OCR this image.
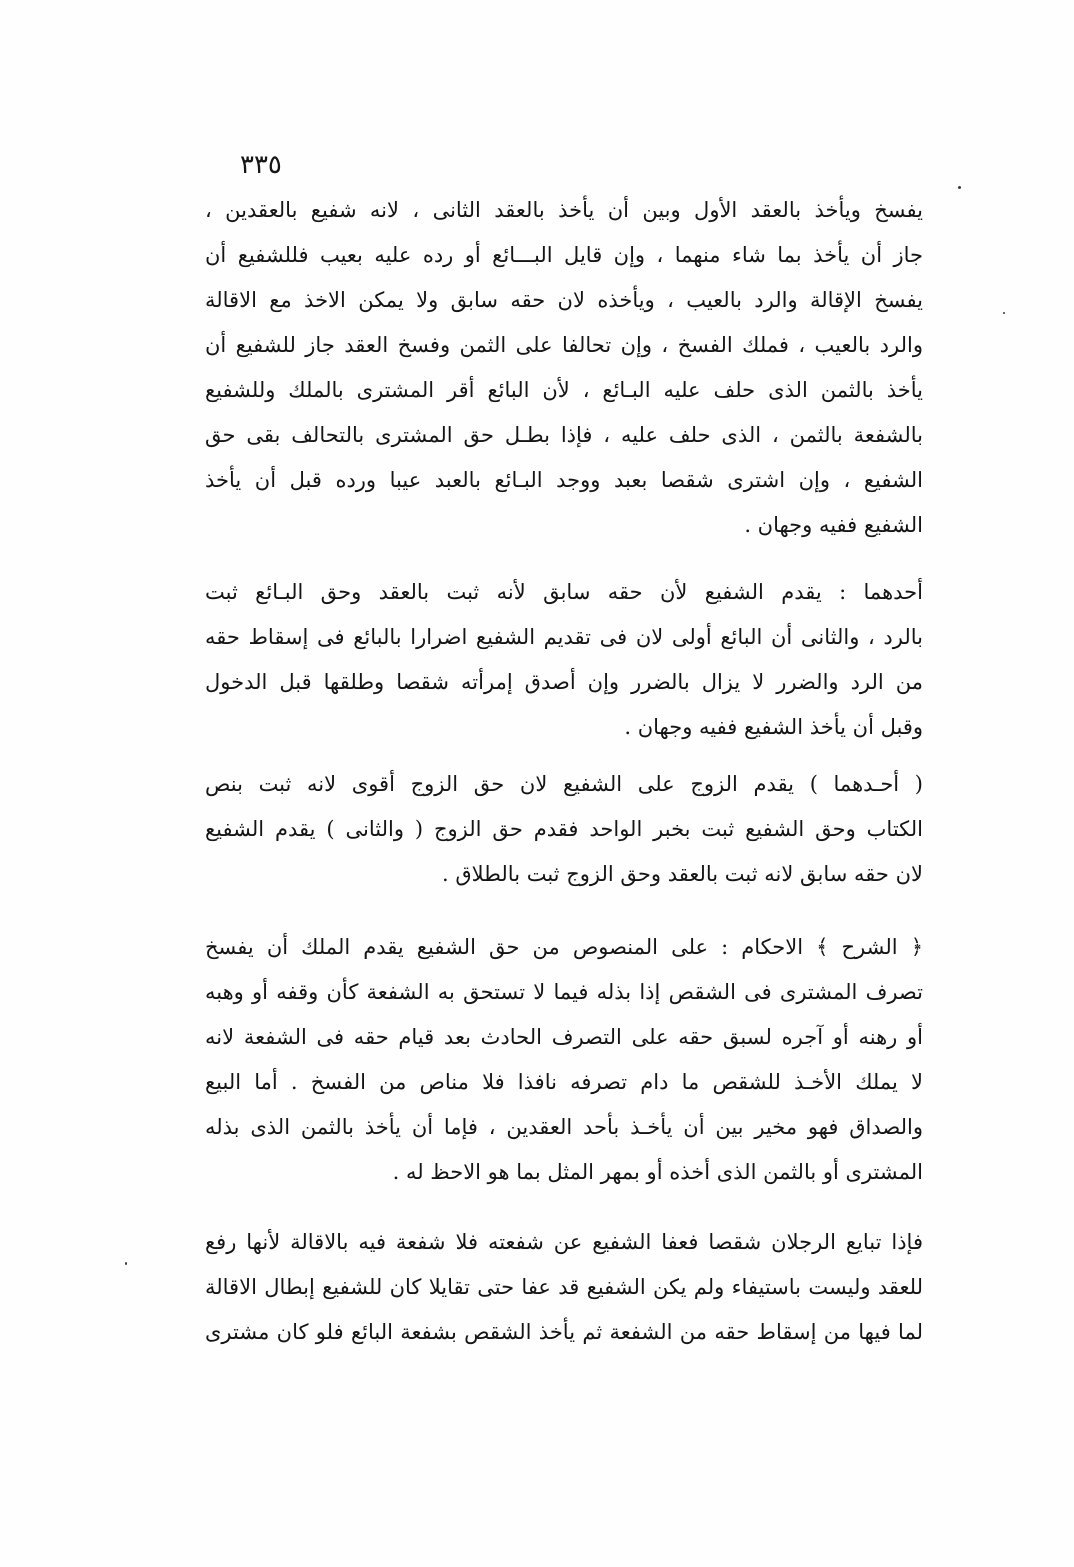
٣٣٥
يفسخ ويأخذ بالعقد الأول وبين أن يأخذ بالعقد الثانى ، لانه شفيع بالعقدين ،
جاز أن يأخذ بما شاء منهما ، وإن قايل البـــائع أو رده عليه بعيب فللشفيع أن
يفسخ الإقالة والرد بالعيب ، ويأخذه لان حقه سابق ولا يمكن الاخذ مع الاقالة
والرد بالعيب ، فملك الفسخ ، وإن تحالفا على الثمن وفسخ العقد جاز للشفيع أن
يأخذ بالثمن الذى حلف عليه البـائع ، لأن البائع أقر المشترى بالملك وللشفيع
بالشفعة بالثمن ، الذى حلف عليه ، فإذا بطـل حق المشترى بالتحالف بقى حق
الشفيع ، وإن اشترى شقصا بعبد ووجد البـائع بالعبد عيبا ورده قبل أن يأخذ
الشفيع ففيه وجهان .
أحدهما : يقدم الشفيع لأن حقه سابق لأنه ثبت بالعقد وحق البـائع ثبت
بالرد ، والثانى أن البائع أولى لان فى تقديم الشفيع اضرارا بالبائع فى إسقاط حقه
من الرد والضرر لا يزال بالضرر وإن أصدق إمرأته شقصا وطلقها قبل الدخول
وقبل أن يأخذ الشفيع ففيه وجهان .
( أحـدهما ) يقدم الزوج على الشفيع لان حق الزوج أقوى لانه ثبت بنص
الكتاب وحق الشفيع ثبت بخبر الواحد فقدم حق الزوج ( والثانى ) يقدم الشفيع
لان حقه سابق لانه ثبت بالعقد وحق الزوج ثبت بالطلاق .
﴿ الشرح ﴾ الاحكام : على المنصوص من حق الشفيع يقدم الملك أن يفسخ
تصرف المشترى فى الشقص إذا بذله فيما لا تستحق به الشفعة كأن وقفه أو وهبه
أو رهنه أو آجره لسبق حقه على التصرف الحادث بعد قيام حقه فى الشفعة لانه
لا يملك الأخـذ للشقص ما دام تصرفه نافذا فلا مناص من الفسخ . أما البيع
والصداق فهو مخير بين أن يأخـذ بأحد العقدين ، فإما أن يأخذ بالثمن الذى بذله
المشترى أو بالثمن الذى أخذه أو بمهر المثل بما هو الاحظ له .
فإذا تبايع الرجلان شقصا فعفا الشفيع عن شفعته فلا شفعة فيه بالاقالة لأنها رفع
للعقد وليست باستيفاء ولم يكن الشفيع قد عفا حتى تقايلا كان للشفيع إبطال الاقالة
لما فيها من إسقاط حقه من الشفعة ثم يأخذ الشقص بشفعة البائع فلو كان مشترى
